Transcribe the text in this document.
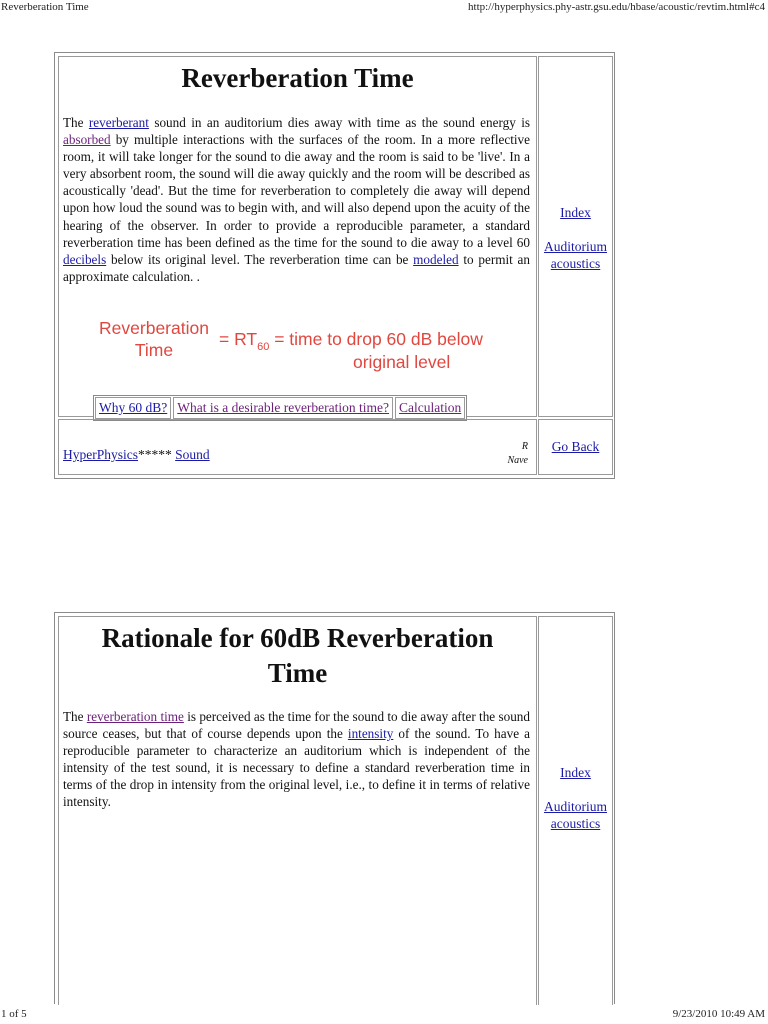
Reverberation Time	http://hyperphysics.phy-astr.gsu.edu/hbase/acoustic/revtim.html#c4
Reverberation Time

The reverberant sound in an auditorium dies away with time as the sound energy is absorbed by multiple interactions with the surfaces of the room. In a more reflective room, it will take longer for the sound to die away and the room is said to be 'live'. In a very absorbent room, the sound will die away quickly and the room will be described as acoustically 'dead'. But the time for reverberation to completely die away will depend upon how loud the sound was to begin with, and will also depend upon the acuity of the hearing of the observer. In order to provide a reproducible parameter, a standard reverberation time has been defined as the time for the sound to die away to a level 60 decibels below its original level. The reverberation time can be modeled to permit an approximate calculation. .

Reverberation
Time
= $RT_{60}$ = time to drop 60 dB below
original level
Why 60 dB? What is a desirable reverberation time? Calculation
Index
Auditorium
acoustics
HyperPhysics***** Sound
R
Nave
Go Back
Rationale for 60dB Reverberation
Time

The reverberation time is perceived as the time for the sound to die away after the sound source ceases, but that of course depends upon the intensity of the sound. To have a reproducible parameter to characterize an auditorium which is independent of the intensity of the test sound, it is necessary to define a standard reverberation time in terms of the drop in intensity from the original level, i.e., to define it in terms of relative intensity.

Index
Auditorium
acoustics
1 of 5	9/23/2010 10:49 AM
